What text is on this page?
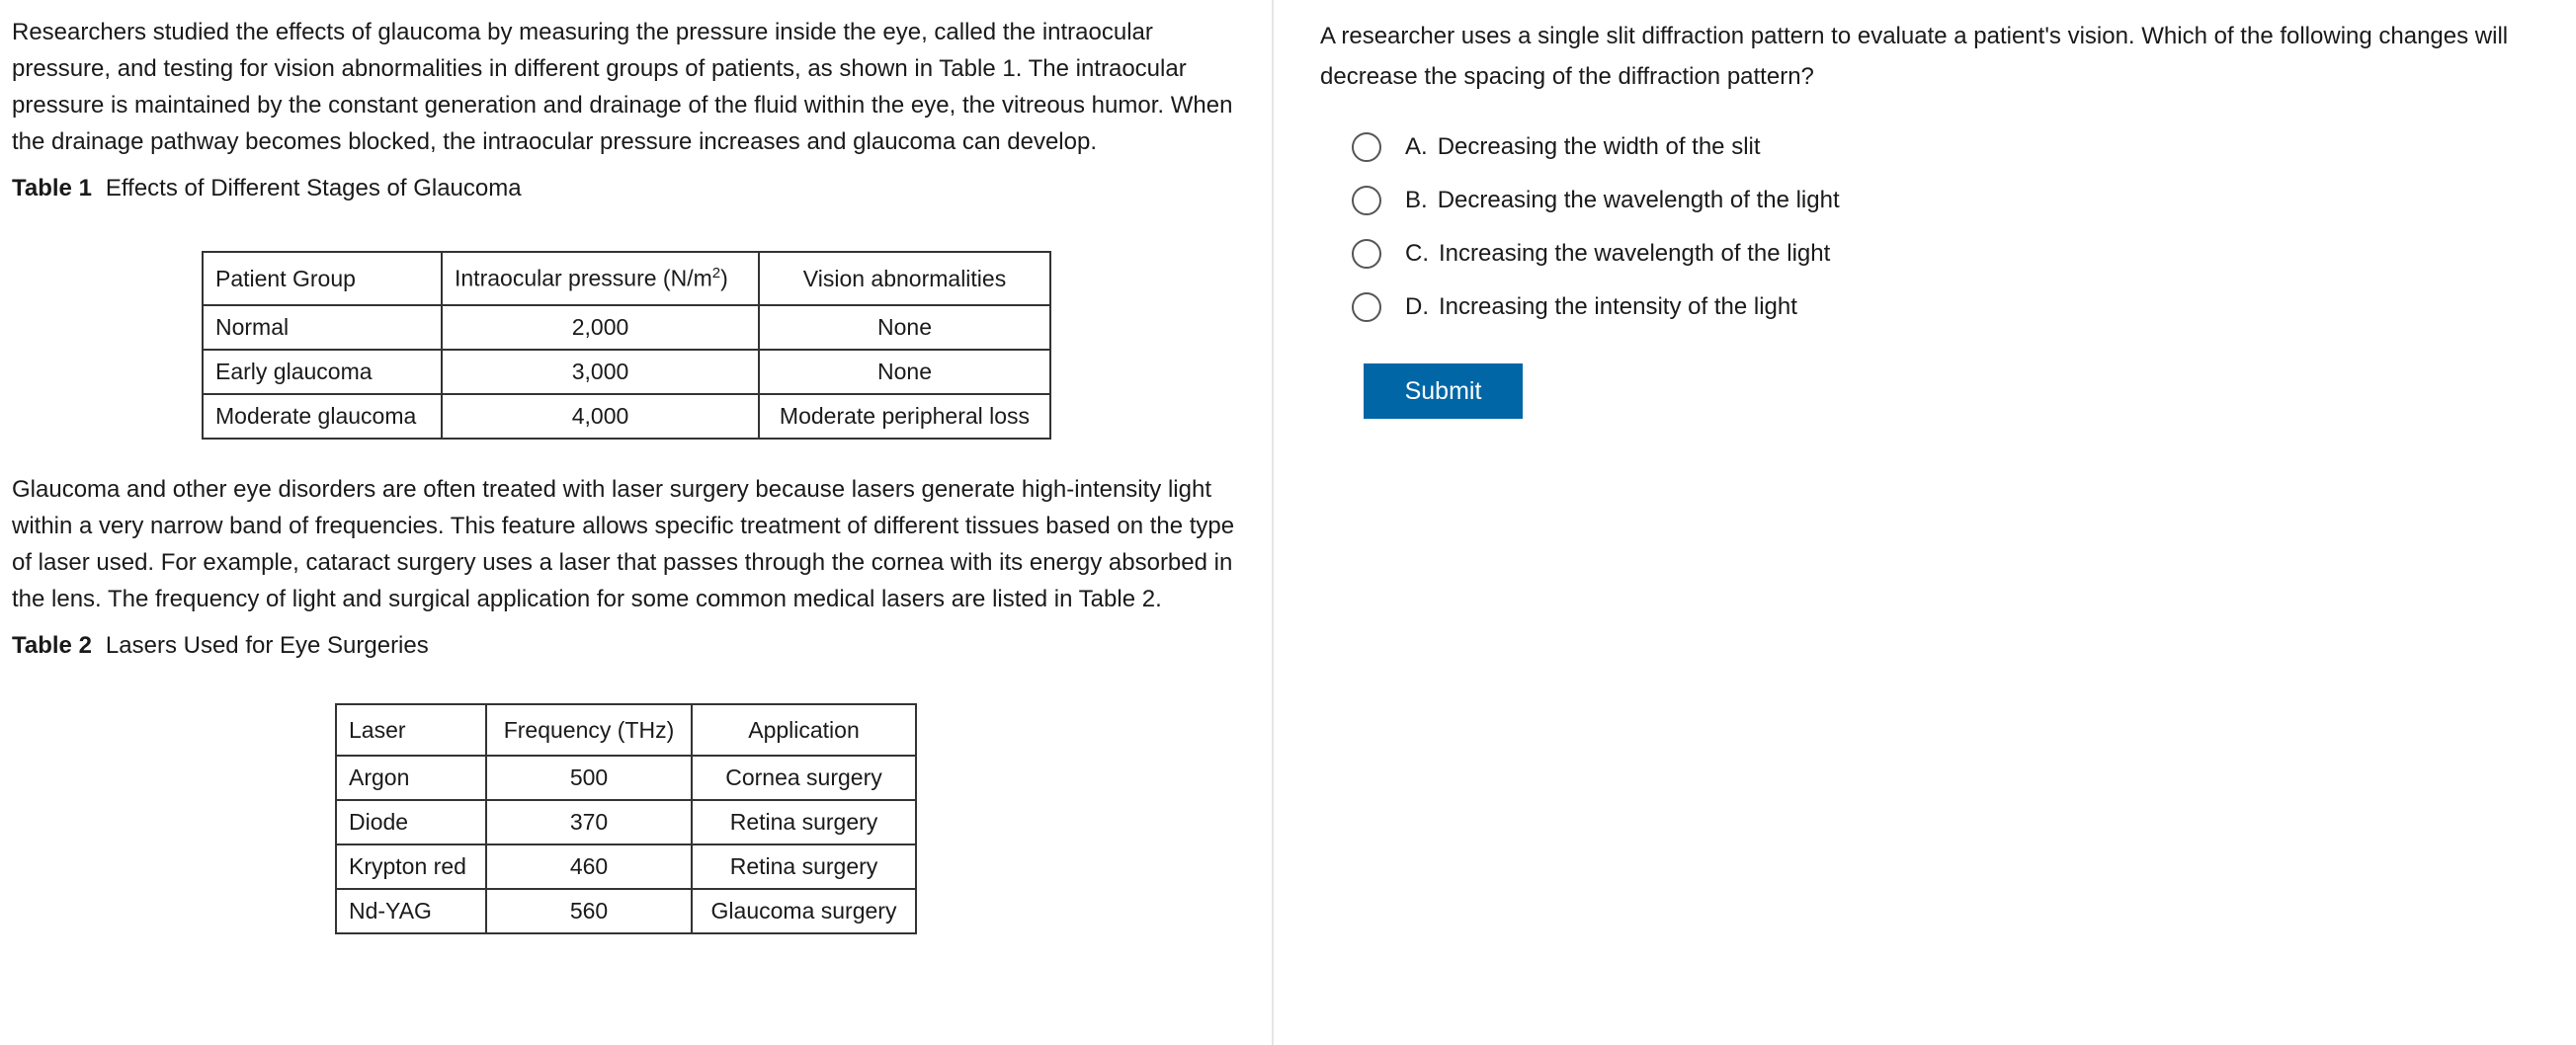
Researchers studied the effects of glaucoma by measuring the pressure inside the eye, called the intraocular pressure, and testing for vision abnormalities in different groups of patients, as shown in Table 1. The intraocular pressure is maintained by the constant generation and drainage of the fluid within the eye, the vitreous humor. When the drainage pathway becomes blocked, the intraocular pressure increases and glaucoma can develop.

Table 1 Effects of Different Stages of Glaucoma
Patient Group	Intraocular pressure $(N/m^2)$	Vision abnormalities
Normal	2,000	None
Early glaucoma	3,000	None
Moderate glaucoma	4,000	Moderate peripheral loss

Glaucoma and other eye disorders are often treated with laser surgery because lasers generate high-intensity light within a very narrow band of frequencies. This feature allows specific treatment of different tissues based on the type of laser used. For example, cataract surgery uses a laser that passes through the cornea with its energy absorbed in the lens. The frequency of light and surgical application for some common medical lasers are listed in Table 2.

Table 2 Lasers Used for Eye Surgeries
Laser	Frequency (THz)	Application
Argon	500	Cornea surgery
Diode	370	Retina surgery
Krypton red	460	Retina surgery
Nd-YAG	560	Glaucoma surgery

A researcher uses a single slit diffraction pattern to evaluate a patient's vision. Which of the following changes will decrease the spacing of the diffraction pattern?

A. Decreasing the width of the slit
B. Decreasing the wavelength of the light
C. Increasing the wavelength of the light
D. Increasing the intensity of the light
Submit
